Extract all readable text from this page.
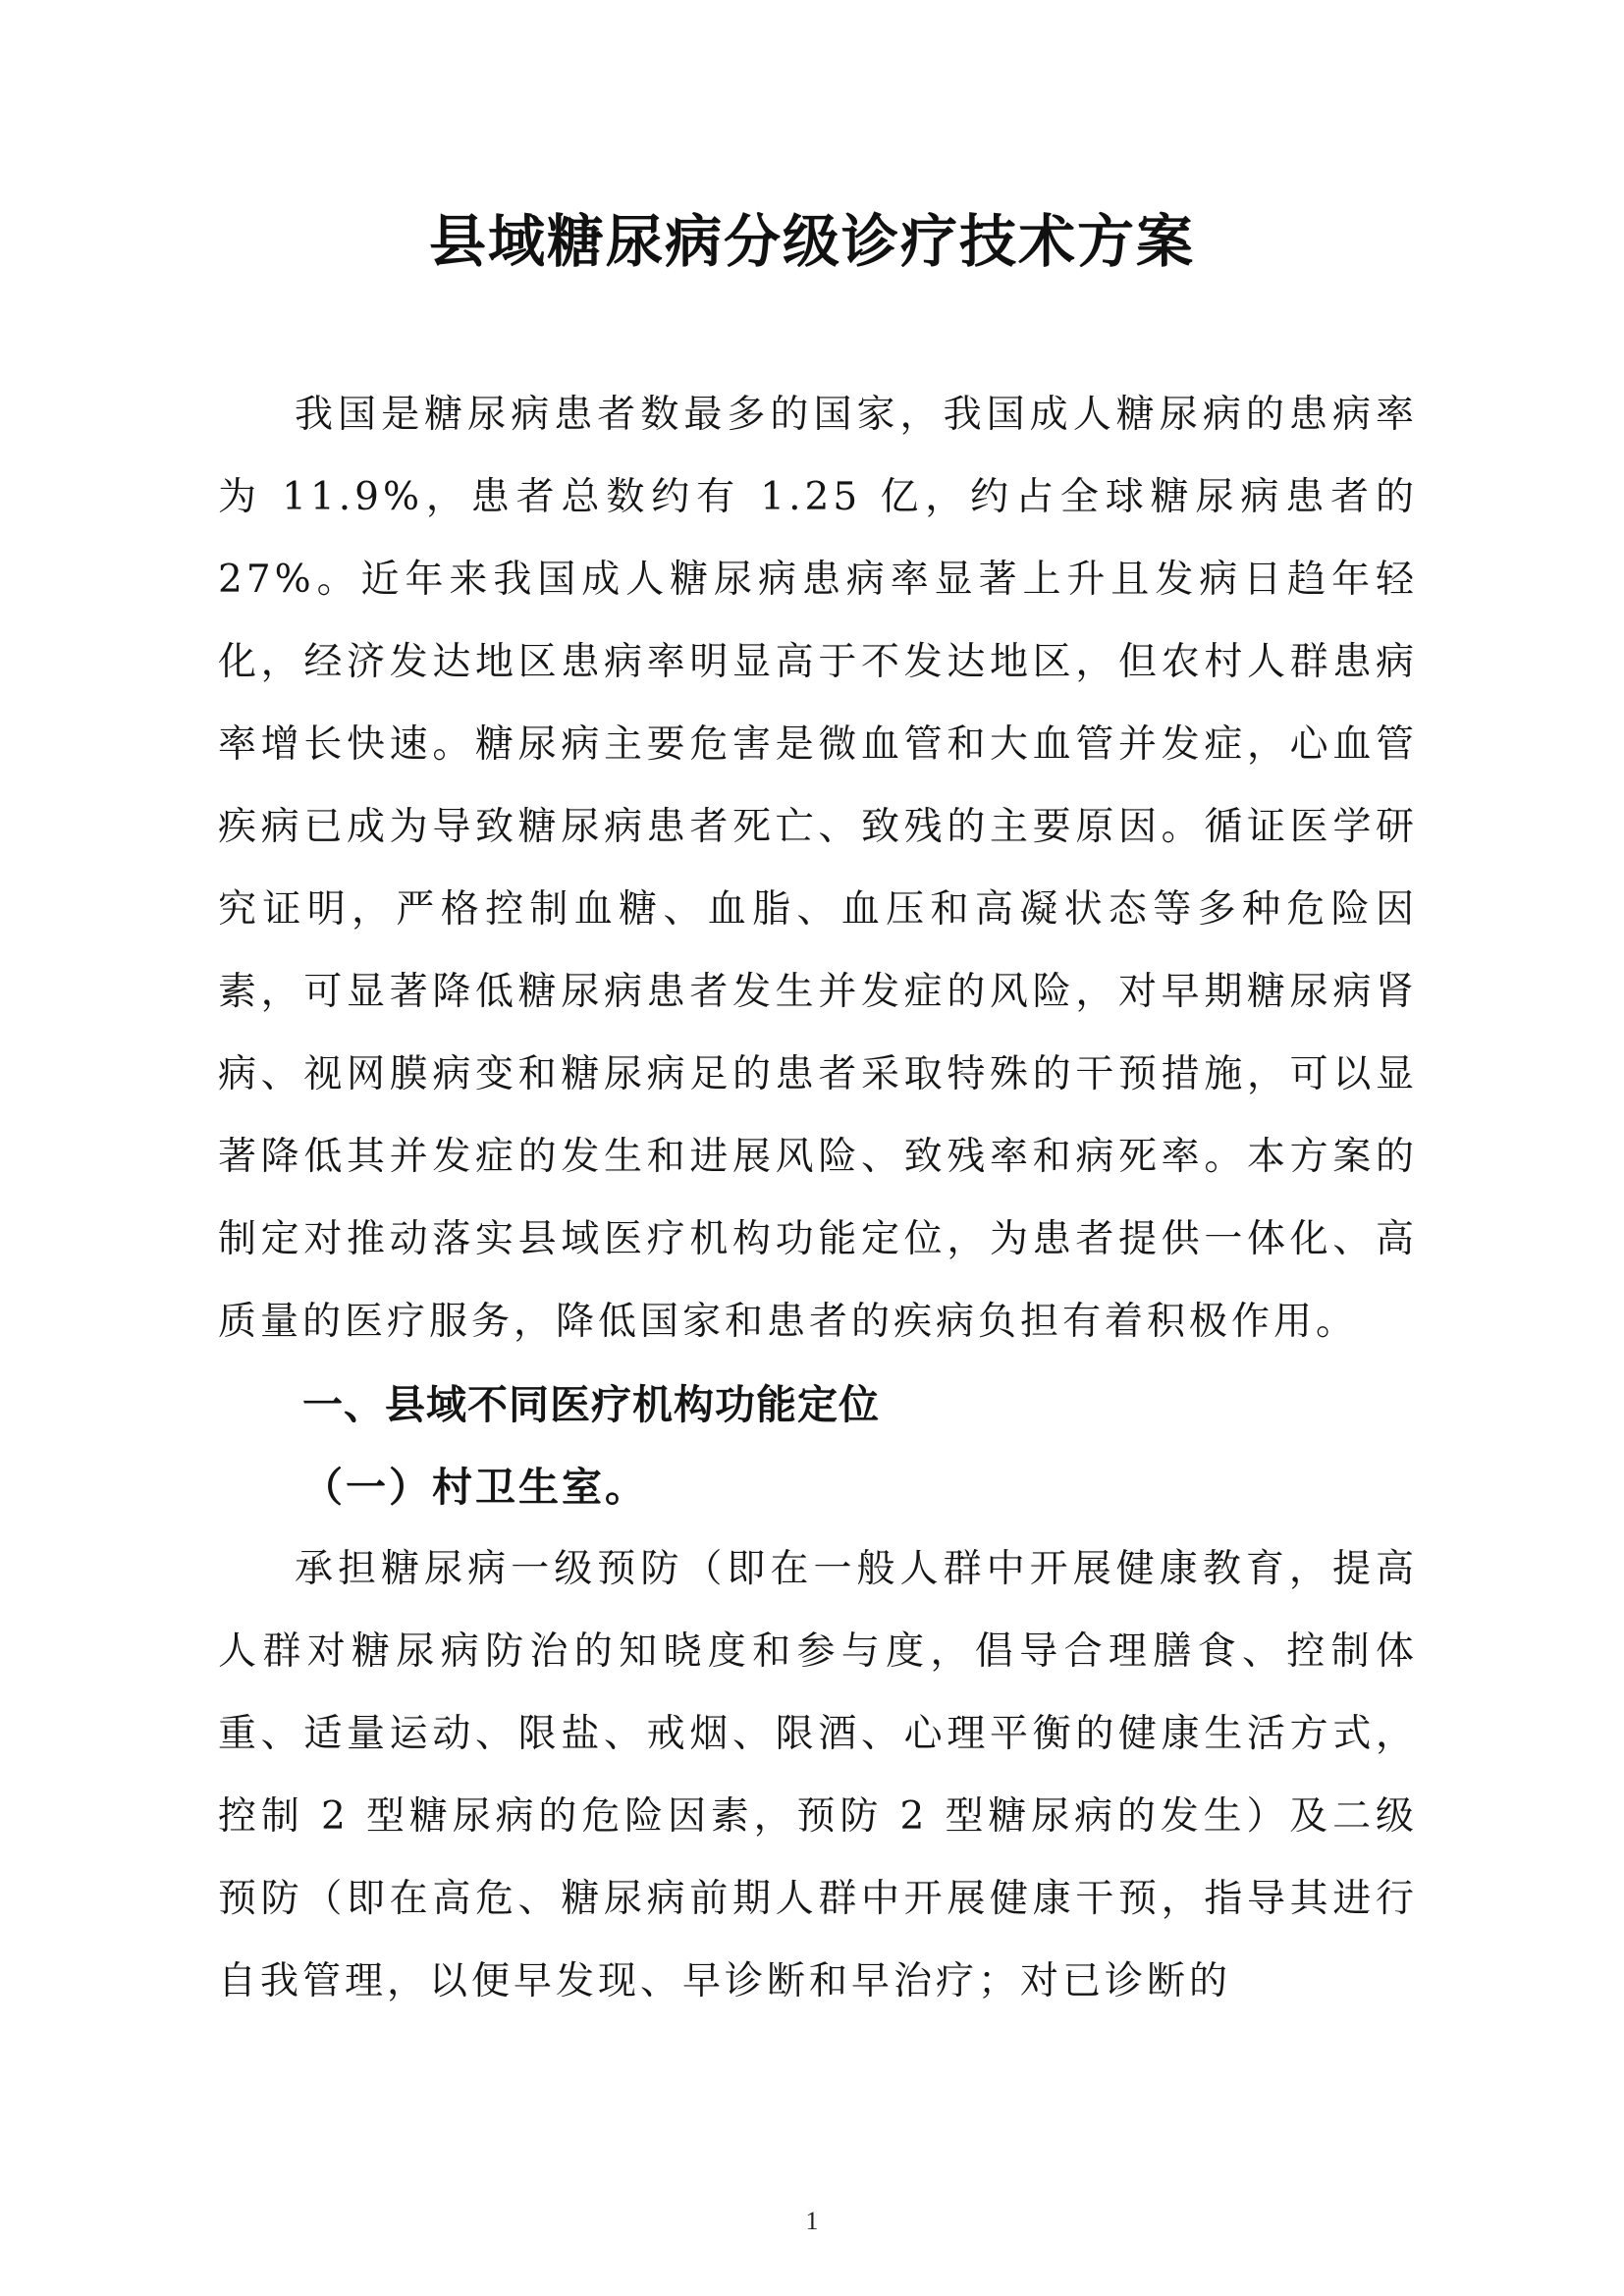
县域糖尿病分级诊疗技术方案

我国是糖尿病患者数最多的国家，我国成人糖尿病的患病率为 11.9%，患者总数约有 1.25 亿，约占全球糖尿病患者的 27%。近年来我国成人糖尿病患病率显著上升且发病日趋年轻化，经济发达地区患病率明显高于不发达地区，但农村人群患病率增长快速。糖尿病主要危害是微血管和大血管并发症，心血管疾病已成为导致糖尿病患者死亡、致残的主要原因。循证医学研究证明，严格控制血糖、血脂、血压和高凝状态等多种危险因素，可显著降低糖尿病患者发生并发症的风险，对早期糖尿病肾病、视网膜病变和糖尿病足的患者采取特殊的干预措施，可以显著降低其并发症的发生和进展风险、致残率和病死率。本方案的制定对推动落实县域医疗机构功能定位，为患者提供一体化、高质量的医疗服务，降低国家和患者的疾病负担有着积极作用。

一、县域不同医疗机构功能定位
（一）村卫生室。

承担糖尿病一级预防（即在一般人群中开展健康教育，提高人群对糖尿病防治的知晓度和参与度，倡导合理膳食、控制体重、适量运动、限盐、戒烟、限酒、心理平衡的健康生活方式，控制 2 型糖尿病的危险因素，预防 2 型糖尿病的发生）及二级预防（即在高危、糖尿病前期人群中开展健康干预，指导其进行自我管理，以便早发现、早诊断和早治疗；对已诊断的

1
